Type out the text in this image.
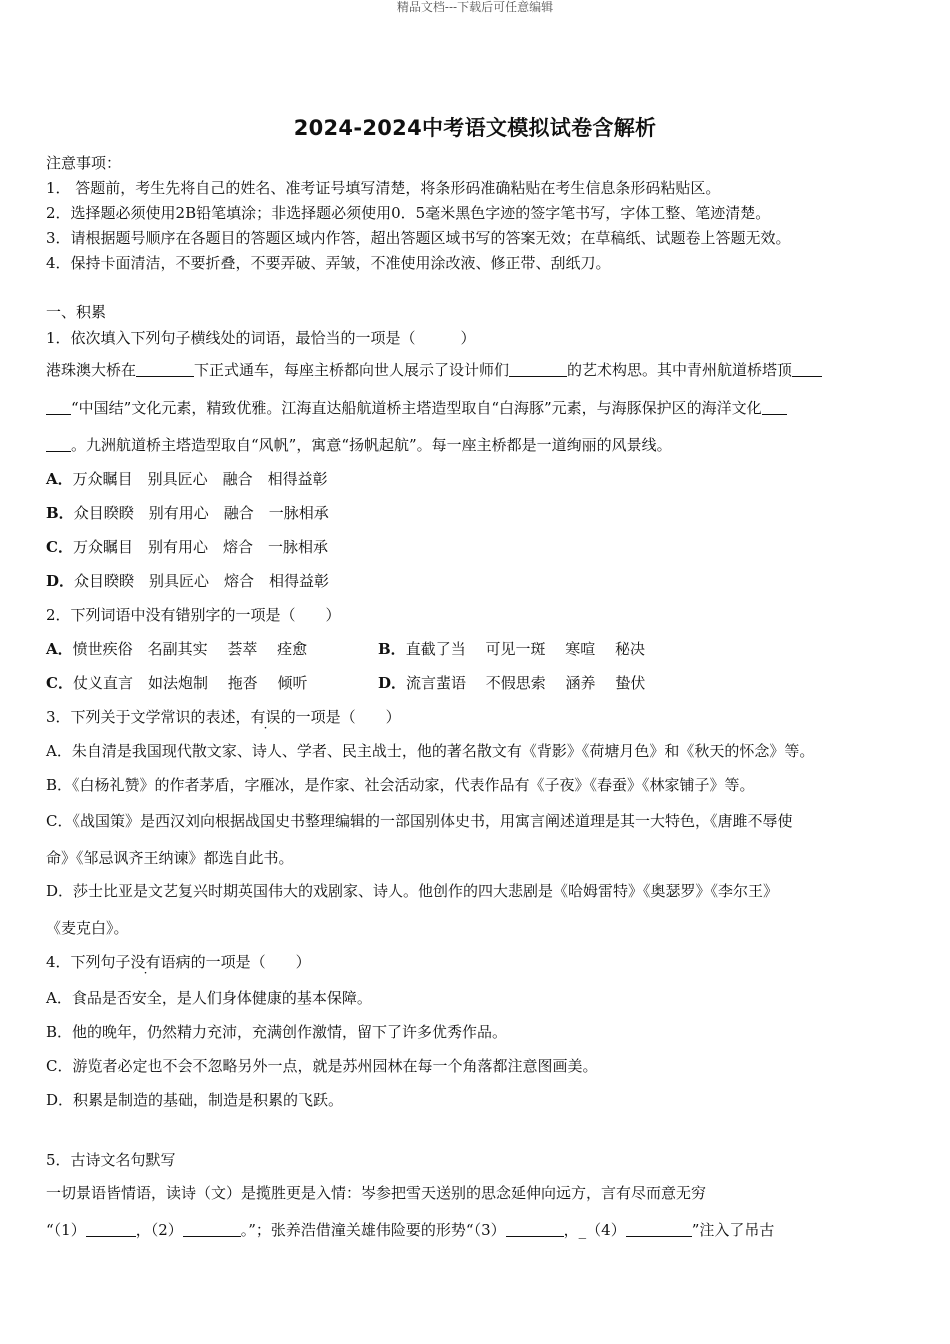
精品文档---下载后可任意编辑
2024-2024中考语文模拟试卷含解析
注意事项：
1． 答题前，考生先将自己的姓名、准考证号填写清楚，将条形码准确粘贴在考生信息条形码粘贴区。
2．选择题必须使用2B铅笔填涂；非选择题必须使用0．5毫米黑色字迹的签字笔书写，字体工整、笔迹清楚。
3．请根据题号顺序在各题目的答题区域内作答，超出答题区域书写的答案无效；在草稿纸、试题卷上答题无效。
4．保持卡面清洁，不要折叠，不要弄破、弄皱，不准使用涂改液、修正带、刮纸刀。
一、积累
1．依次填入下列句子横线处的词语，最恰当的一项是（　　　）
港珠澳大桥在	下正式通车，每座主桥都向世人展示了设计师们	的艺术构思。其中青州航道桥塔顶
“中国结”文化元素，精致优雅。江海直达船航道桥主塔造型取自“白海豚”元素，与海豚保护区的海洋文化
。九洲航道桥主塔造型取自“风帆”，寓意“扬帆起航”。每一座主桥都是一道绚丽的风景线。
A．万众瞩目　别具匠心　融合　相得益彰
B．众目睽睽　别有用心　融合　一脉相承
C．万众瞩目　别有用心　熔合　一脉相承
D．众目睽睽　别具匠心　熔合　相得益彰
2．下列词语中没有错别字的一项是（　　）
A．愤世疾俗　名副其实　 荟萃　 痊愈	B．直截了当　 可见一斑　 寒喧　 秘决
C．仗义直言　如法炮制　 拖沓　 倾听	D．流言蜚语　 不假思索　 涵养　 蛰伏
3．下列关于文学常识的表述，有误的一项是（　　）
A．朱自清是我国现代散文家、诗人、学者、民主战士，他的著名散文有《背影》《荷塘月色》和《秋天的怀念》等。
B．《白杨礼赞》的作者茅盾，字雁冰，是作家、社会活动家，代表作品有《子夜》《春蚕》《林家铺子》等。
C．《战国策》是西汉刘向根据战国史书整理编辑的一部国别体史书，用寓言阐述道理是其一大特色，《唐雎不辱使
命》《邹忌讽齐王纳谏》都选自此书。
D．莎士比亚是文艺复兴时期英国伟大的戏剧家、诗人。他创作的四大悲剧是《哈姆雷特》《奥瑟罗》《李尔王》
《麦克白》。
4．下列句子没有语病的一项是（　　）
A．食品是否安全，是人们身体健康的基本保障。
B．他的晚年，仍然精力充沛，充满创作激情，留下了许多优秀作品。
C．游览者必定也不会不忽略另外一点，就是苏州园林在每一个角落都注意图画美。
D．积累是制造的基础，制造是积累的飞跃。
5．古诗文名句默写
一切景语皆情语，读诗（文）是揽胜更是入情：岑参把雪天送别的思念延伸向远方，言有尽而意无穷
“（1）	，（2）	。”；张养浩借潼关雄伟险要的形势“（3）	，_（4）	”注入了吊古
